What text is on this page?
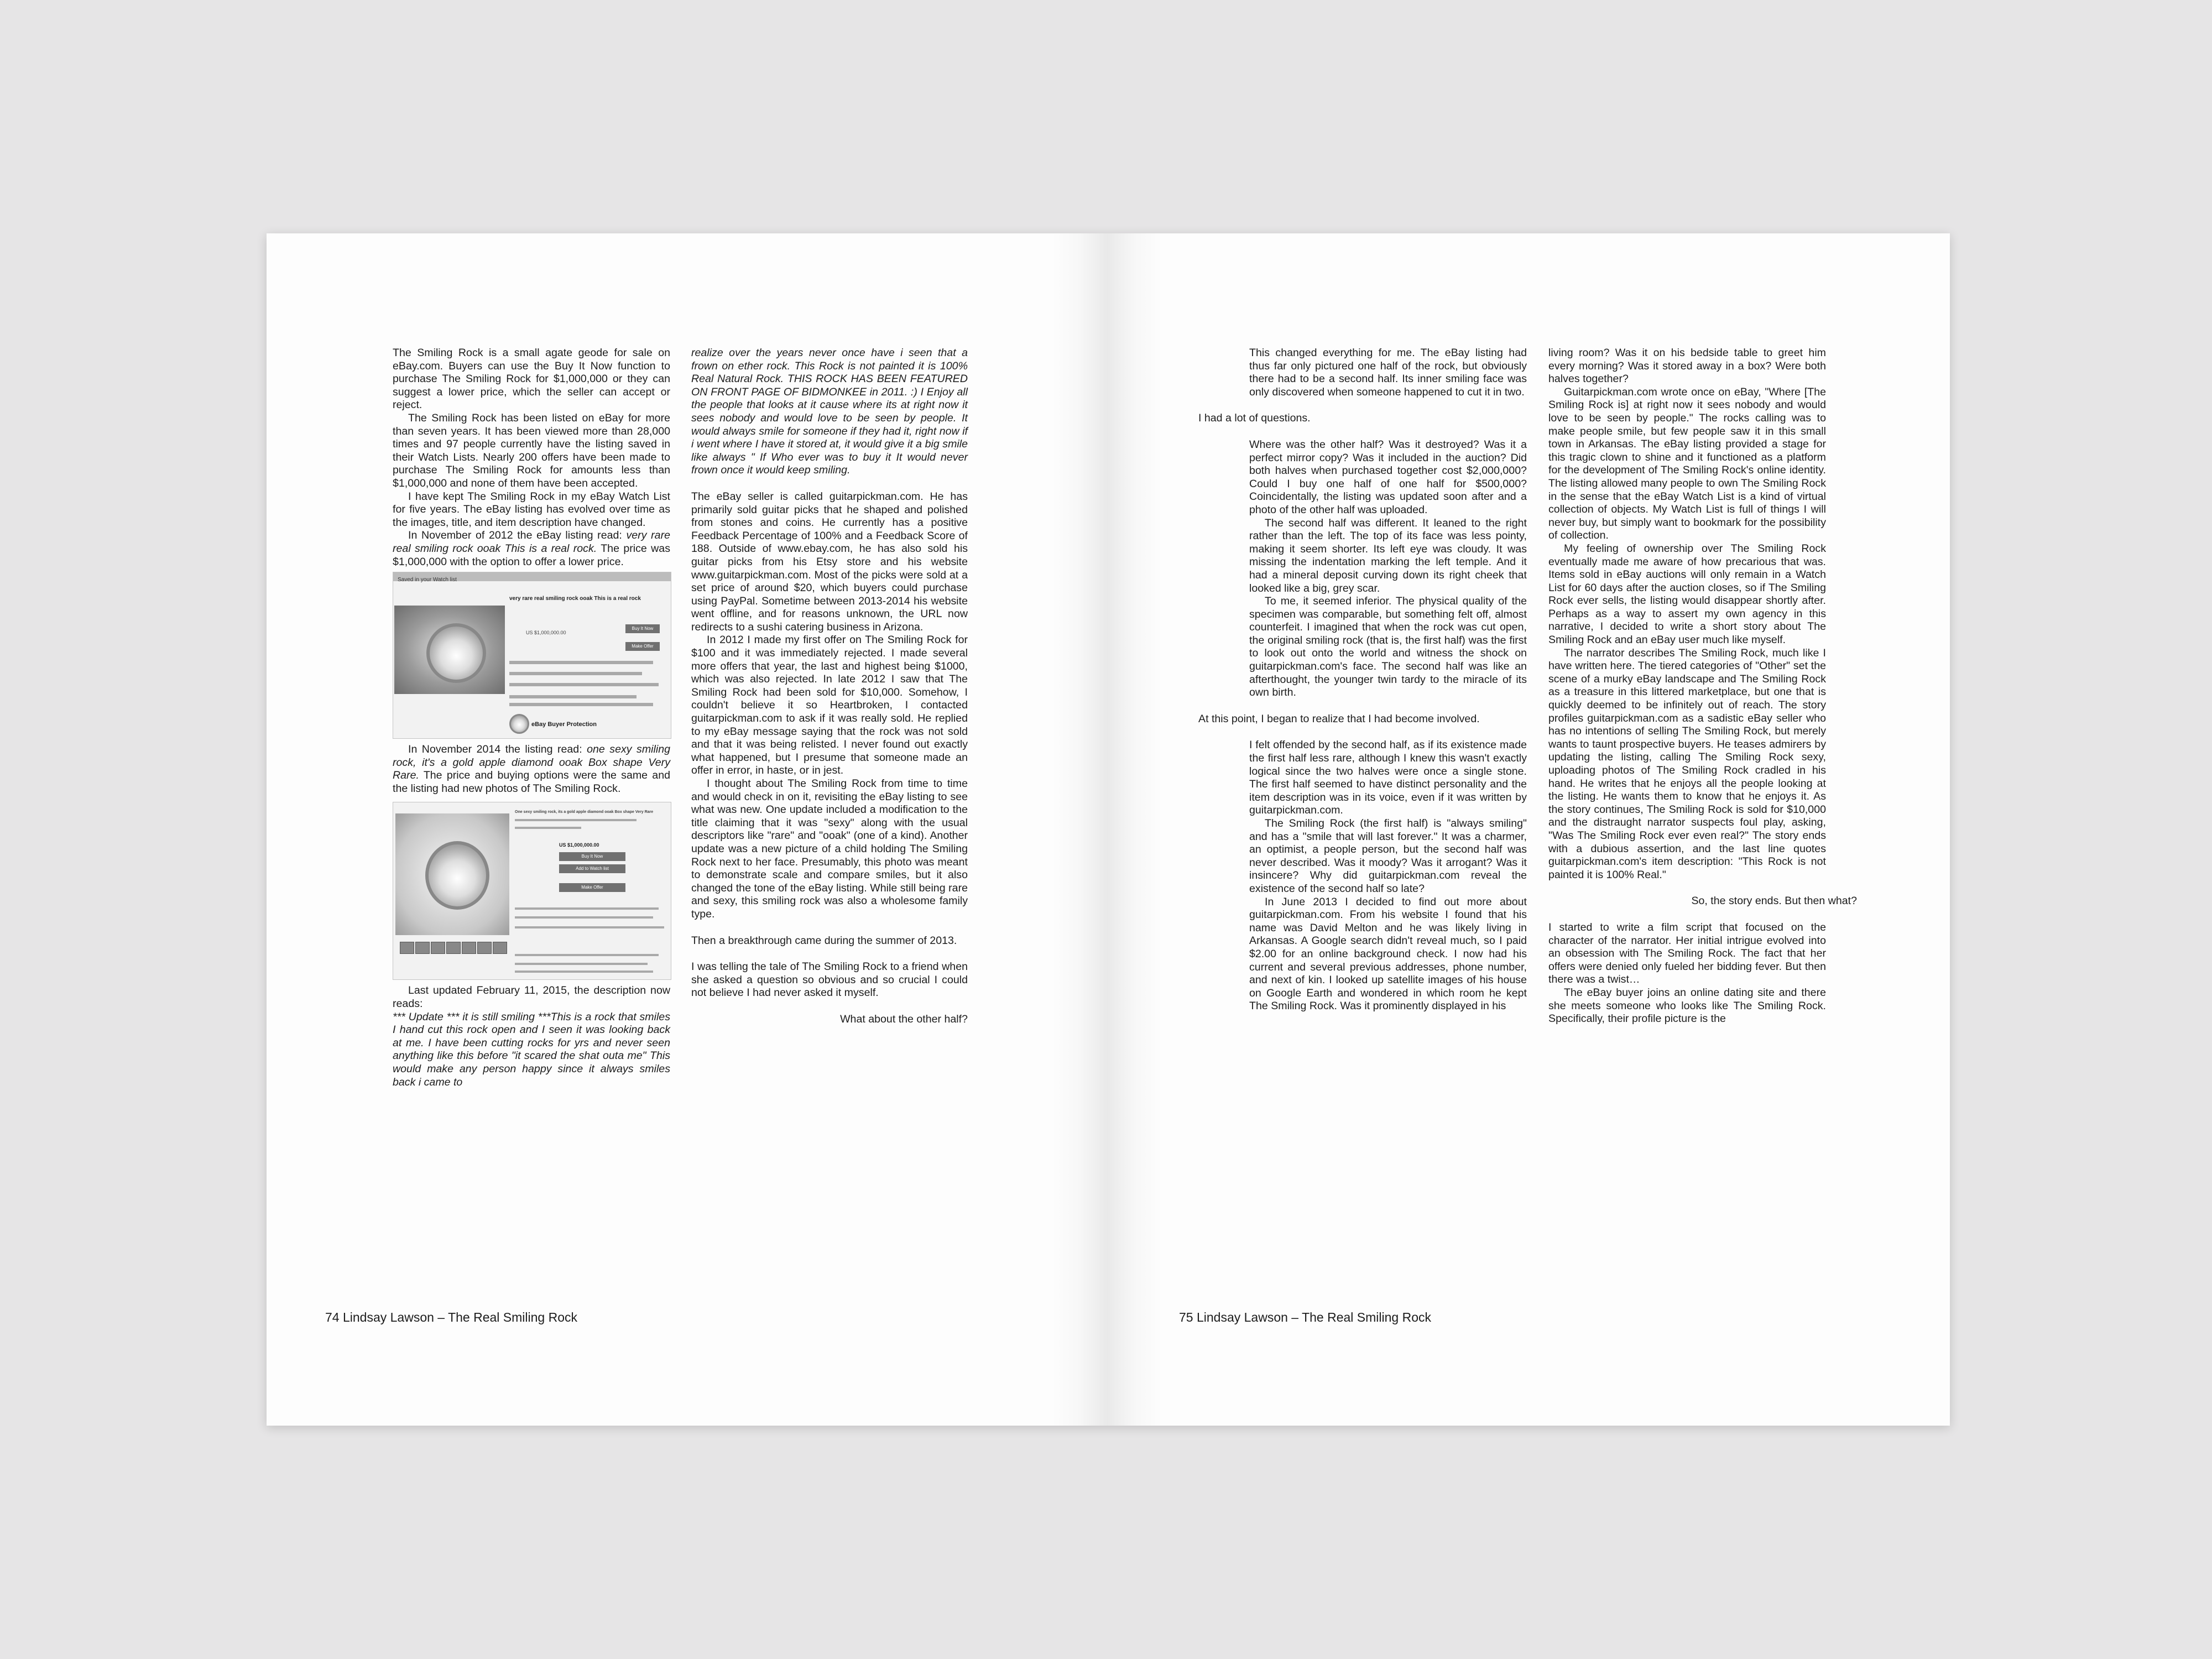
The Smiling Rock is a small agate geode for sale on eBay.com. Buyers can use the Buy It Now function to purchase The Smiling Rock for $1,000,000 or they can suggest a lower price, which the seller can accept or reject.

The Smiling Rock has been listed on eBay for more than seven years. It has been viewed more than 28,000 times and 97 people currently have the listing saved in their Watch Lists. Nearly 200 offers have been made to purchase The Smiling Rock for amounts less than $1,000,000 and none of them have been accepted.

I have kept The Smiling Rock in my eBay Watch List for five years. The eBay listing has evolved over time as the images, title, and item description have changed.

In November of 2012 the eBay listing read: very rare real smiling rock ooak This is a real rock. The price was $1,000,000 with the option to offer a lower price.

Saved in your Watch list
very rare real smiling rock ooak This is a real rock
US $1,000,000.00
Buy It Now
Make Offer
eBay Buyer Protection

In November 2014 the listing read: one sexy smiling rock, it's a gold apple diamond ooak Box shape Very Rare. The price and buying options were the same and the listing had new photos of The Smiling Rock.

One sexy smiling rock, its a gold apple diamond ooak Box shape Very Rare
US $1,000,000.00
Buy It Now
Add to Watch list
Make Offer

Last updated February 11, 2015, the description now reads:

*** Update *** it is still smiling ***This is a rock that smiles I hand cut this rock open and I seen it was looking back at me. I have been cutting rocks for yrs and never seen anything like this before "it scared the shat outa me" This would make any person happy since it always smiles back i came to

realize over the years never once have i seen that a frown on ether rock. This Rock is not painted it is 100% Real Natural Rock. THIS ROCK HAS BEEN FEATURED ON FRONT PAGE OF BIDMONKEE in 2011. :) I Enjoy all the people that looks at it cause where its at right now it sees nobody and would love to be seen by people. It would always smile for someone if they had it, right now if i went where I have it stored at, it would give it a big smile like always " If Who ever was to buy it It would never frown once it would keep smiling.

The eBay seller is called guitarpickman.com. He has primarily sold guitar picks that he shaped and polished from stones and coins. He currently has a positive Feedback Percentage of 100% and a Feedback Score of 188. Outside of www.ebay.com, he has also sold his guitar picks from his Etsy store and his website www.guitarpickman.com. Most of the picks were sold at a set price of around $20, which buyers could purchase using PayPal. Sometime between 2013-2014 his website went offline, and for reasons unknown, the URL now redirects to a sushi catering business in Arizona.

In 2012 I made my first offer on The Smiling Rock for $100 and it was immediately rejected. I made several more offers that year, the last and highest being $1000, which was also rejected. In late 2012 I saw that The Smiling Rock had been sold for $10,000. Somehow, I couldn't believe it so Heartbroken, I contacted guitarpickman.com to ask if it was really sold. He replied to my eBay message saying that the rock was not sold and that it was being relisted. I never found out exactly what happened, but I presume that someone made an offer in error, in haste, or in jest.

I thought about The Smiling Rock from time to time and would check in on it, revisiting the eBay listing to see what was new. One update included a modification to the title claiming that it was "sexy" along with the usual descriptors like "rare" and "ooak" (one of a kind). Another update was a new picture of a child holding The Smiling Rock next to her face. Presumably, this photo was meant to demonstrate scale and compare smiles, but it also changed the tone of the eBay listing. While still being rare and sexy, this smiling rock was also a wholesome family type.

Then a breakthrough came during the summer of 2013.

I was telling the tale of The Smiling Rock to a friend when she asked a question so obvious and so crucial I could not believe I had never asked it myself.

What about the other half?

This changed everything for me. The eBay listing had thus far only pictured one half of the rock, but obviously there had to be a second half. Its inner smiling face was only discovered when someone happened to cut it in two.

I had a lot of questions.

Where was the other half? Was it destroyed? Was it a perfect mirror copy? Was it included in the auction? Did both halves when purchased together cost $2,000,000? Could I buy one half of one half for $500,000? Coincidentally, the listing was updated soon after and a photo of the other half was uploaded.

The second half was different. It leaned to the right rather than the left. The top of its face was less pointy, making it seem shorter. Its left eye was cloudy. It was missing the indentation marking the left temple. And it had a mineral deposit curving down its right cheek that looked like a big, grey scar.

To me, it seemed inferior. The physical quality of the specimen was comparable, but something felt off, almost counterfeit. I imagined that when the rock was cut open, the original smiling rock (that is, the first half) was the first to look out onto the world and witness the shock on guitarpickman.com's face. The second half was like an afterthought, the younger twin tardy to the miracle of its own birth.

At this point, I began to realize that I had become involved.

I felt offended by the second half, as if its existence made the first half less rare, although I knew this wasn't exactly logical since the two halves were once a single stone. The first half seemed to have distinct personality and the item description was in its voice, even if it was written by guitarpickman.com.

The Smiling Rock (the first half) is "always smiling" and has a "smile that will last forever." It was a charmer, an optimist, a people person, but the second half was never described. Was it moody? Was it arrogant? Was it insincere? Why did guitarpickman.com reveal the existence of the second half so late?

In June 2013 I decided to find out more about guitarpickman.com. From his website I found that his name was David Melton and he was likely living in Arkansas. A Google search didn't reveal much, so I paid $2.00 for an online background check. I now had his current and several previous addresses, phone number, and next of kin. I looked up satellite images of his house on Google Earth and wondered in which room he kept The Smiling Rock. Was it prominently displayed in his

living room? Was it on his bedside table to greet him every morning? Was it stored away in a box? Were both halves together?

Guitarpickman.com wrote once on eBay, "Where [The Smiling Rock is] at right now it sees nobody and would love to be seen by people." The rocks calling was to make people smile, but few people saw it in this small town in Arkansas. The eBay listing provided a stage for this tragic clown to shine and it functioned as a platform for the development of The Smiling Rock's online identity. The listing allowed many people to own The Smiling Rock in the sense that the eBay Watch List is a kind of virtual collection of objects. My Watch List is full of things I will never buy, but simply want to bookmark for the possibility of collection.

My feeling of ownership over The Smiling Rock eventually made me aware of how precarious that was. Items sold in eBay auctions will only remain in a Watch List for 60 days after the auction closes, so if The Smiling Rock ever sells, the listing would disappear shortly after. Perhaps as a way to assert my own agency in this narrative, I decided to write a short story about The Smiling Rock and an eBay user much like myself.

The narrator describes The Smiling Rock, much like I have written here. The tiered categories of "Other" set the scene of a murky eBay landscape and The Smiling Rock as a treasure in this littered marketplace, but one that is quickly deemed to be infinitely out of reach. The story profiles guitarpickman.com as a sadistic eBay seller who has no intentions of selling The Smiling Rock, but merely wants to taunt prospective buyers. He teases admirers by updating the listing, calling The Smiling Rock sexy, uploading photos of The Smiling Rock cradled in his hand. He writes that he enjoys all the people looking at the listing. He wants them to know that he enjoys it. As the story continues, The Smiling Rock is sold for $10,000 and the distraught narrator suspects foul play, asking, "Was The Smiling Rock ever even real?" The story ends with a dubious assertion, and the last line quotes guitarpickman.com's item description: "This Rock is not painted it is 100% Real."

So, the story ends. But then what?

I started to write a film script that focused on the character of the narrator. Her initial intrigue evolved into an obsession with The Smiling Rock. The fact that her offers were denied only fueled her bidding fever. But then there was a twist…

The eBay buyer joins an online dating site and there she meets someone who looks like The Smiling Rock. Specifically, their profile picture is the

74 Lindsay Lawson – The Real Smiling Rock	75 Lindsay Lawson – The Real Smiling Rock
